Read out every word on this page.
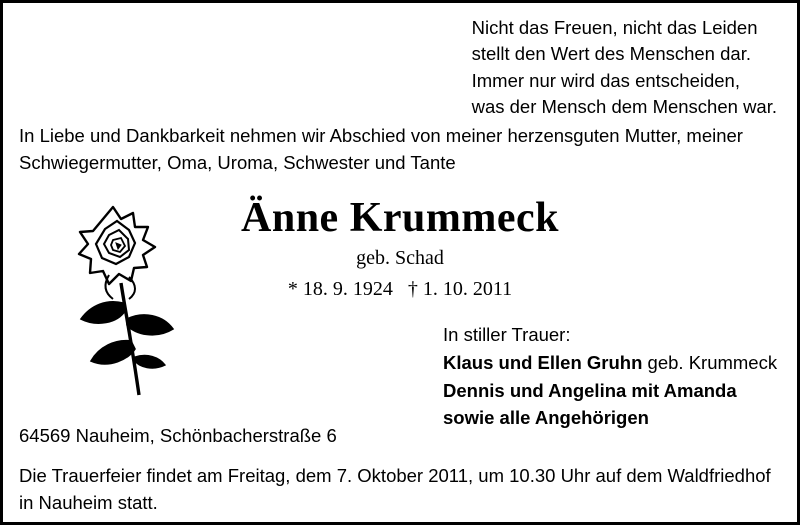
Nicht das Freuen, nicht das Leiden
stellt den Wert des Menschen dar.
Immer nur wird das entscheiden,
was der Mensch dem Menschen war.
In Liebe und Dankbarkeit nehmen wir Abschied von meiner herzensguten Mutter, meiner Schwiegermutter, Oma, Uroma, Schwester und Tante
Änne Krummeck
geb. Schad
* 18. 9. 1924   † 1. 10. 2011
In stiller Trauer:
Klaus und Ellen Gruhn geb. Krummeck
Dennis und Angelina mit Amanda
sowie alle Angehörigen
64569 Nauheim, Schönbacherstraße 6
Die Trauerfeier findet am Freitag, dem 7. Oktober 2011, um 10.30 Uhr auf dem Waldfriedhof
in Nauheim statt.
